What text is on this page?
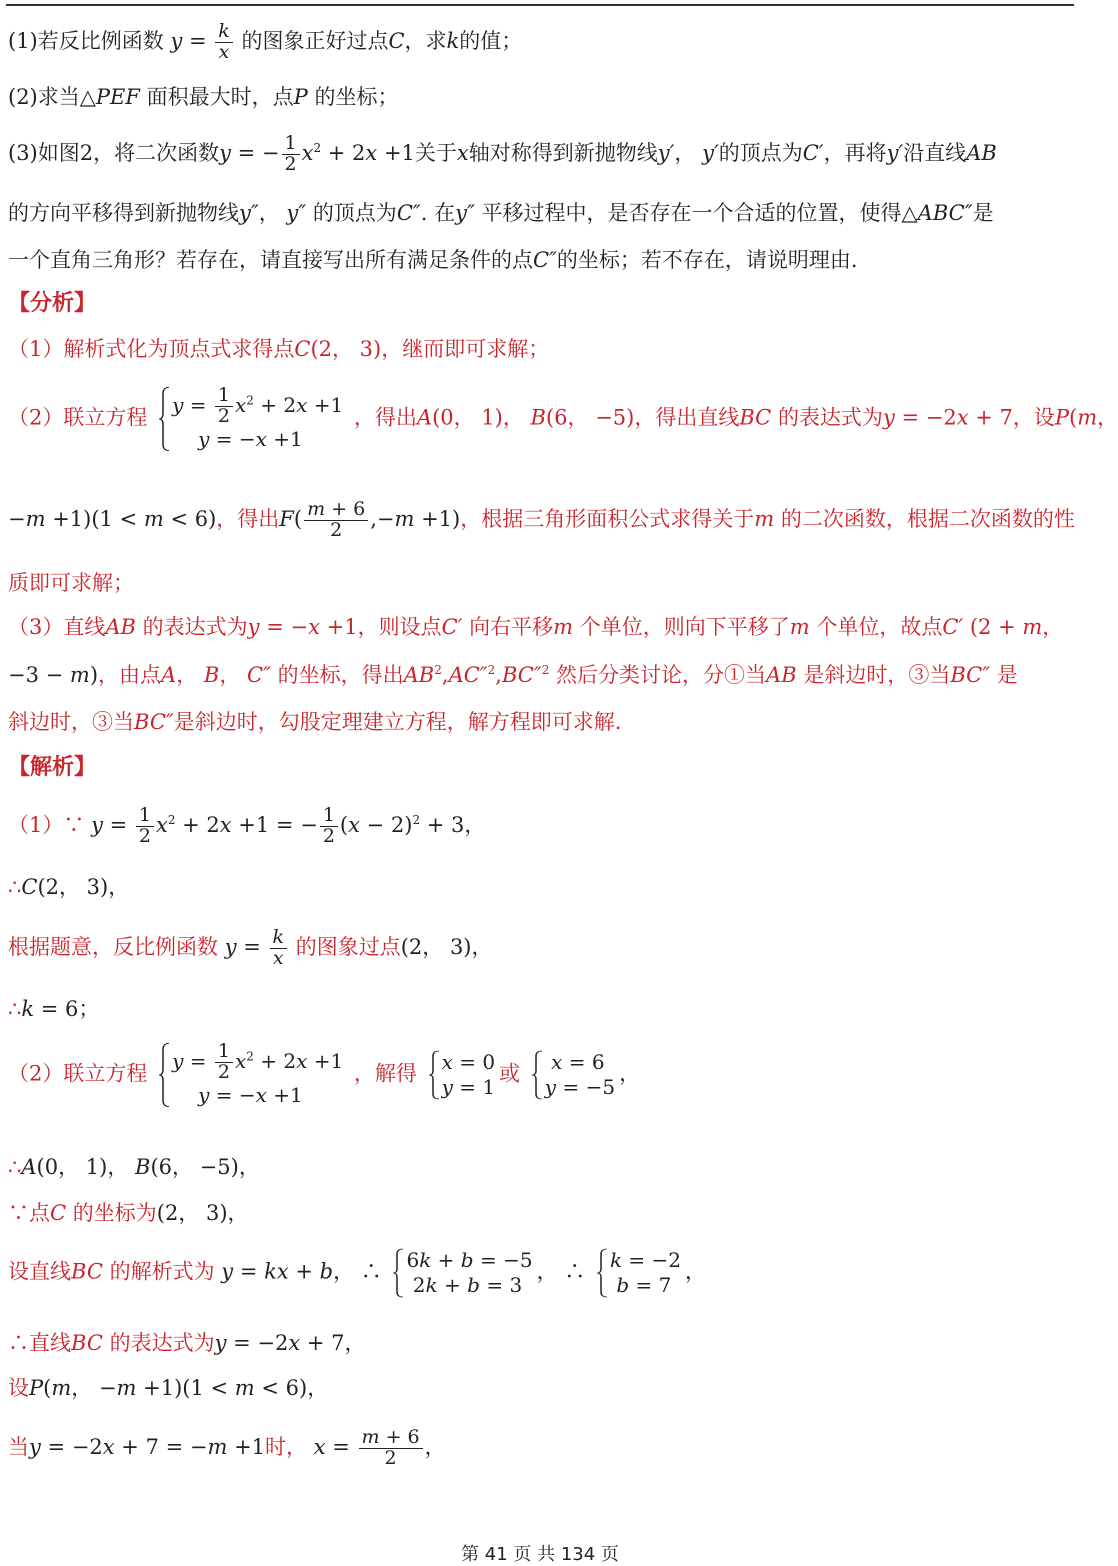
(1)若反比例函数 $y = \frac{k}{x}$ 的图象正好过点C，求k的值；
(2)求当△PEF 面积最大时，点P 的坐标；
(3)如图2，将二次函数y = − $\frac{1}{2} x^2 + 2x +1$关于x轴对称得到新抛物线y′， y′的顶点为C′，再将y′沿直线AB
的方向平移得到新抛物线y″， y″ 的顶点为C″. 在y″ 平移过程中，是否存在一个合适的位置，使得△ABC″是
一个直角三角形？若存在，请直接写出所有满足条件的点C″的坐标；若不存在，请说明理由.
【分析】
（1）解析式化为顶点式求得点C(2， 3)，继而即可求解；
（2）联立方程
$y = \frac{1}{2} x^2 + 2x +1$
y = −x +1
，得出A(0， 1)， B(6， −5)，得出直线BC 的表达式为y = −2x + 7，设P(m，
−m +1)(1 < m < 6)，得出$F( \frac{m + 6}{2} ,-m +1)$，根据三角形面积公式求得关于m 的二次函数，根据二次函数的性
质即可求解；
（3）直线AB 的表达式为y = −x +1，则设点C′ 向右平移m 个单位，则向下平移了m 个单位，故点C′ (2 + m，
−3 − m)，由点A， B， C″ 的坐标，得出$AB^2,AC''^2,BC''^2$ 然后分类讨论，分①当AB 是斜边时，③当BC″ 是
斜边时，③当BC″是斜边时，勾股定理建立方程，解方程即可求解.
【解析】
（1）∵ $y = \frac{1}{2} x^2 + 2x +1$ = − $\frac{1}{2} (x - 2)^2 + 3$，
∴C(2， 3)，
根据题意，反比例函数 $y = \frac{k}{x}$ 的图象过点(2， 3)，
∴k = 6；
（2）联立方程
$y = \frac{1}{2} x^2 + 2x +1$
y = −x +1
，解得 x = 0
y = 1
或	x = 6
y = −5
，
∴A(0， 1)， B(6， −5)，
∵点C 的坐标为(2， 3)，
设直线BC 的解析式为 y = kx + b， ∴ 6k + b = −5
2k + b = 3
， ∴ k = −2
b = 7
，
∴直线BC 的表达式为y = −2x + 7，
设P(m， −m +1)(1 < m < 6)，
当y = −2x + 7 = −m +1时， $x = \frac{m + 6}{2}$ ，
第 41 页 共 134 页
